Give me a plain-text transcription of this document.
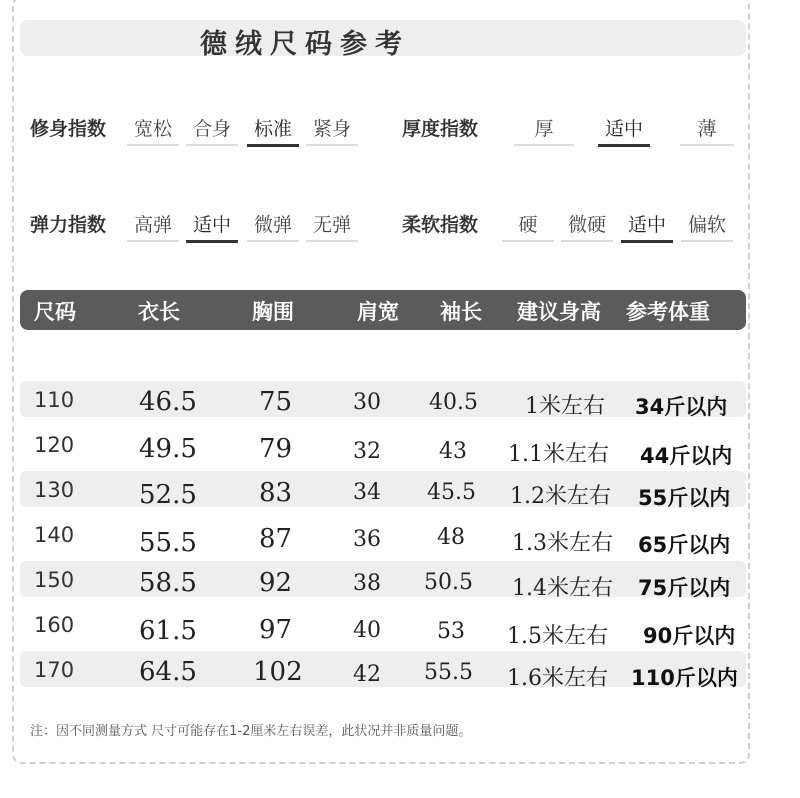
德绒尺码参考
修身指数	宽松	合身	标准	紧身	厚度指数	厚	适中	薄
弹力指数	高弹	适中	微弹	无弹	柔软指数	硬	微硬	适中	偏软
尺码	衣长	胸围	肩宽 袖长 建议身高 参考体重
110 46.5 75	30 40.5 1米左右 34斤以内
120 49.5 79	32	43 1.1米左右 44斤以内
130 52.5 83	34 45.5 1.2米左右 55斤以内
140 55.5 87	36	48 1.3米左右 65斤以内
150 58.5 92	38 50.5 1.4米左右 75斤以内
160 61.5 97	40	53 1.5米左右 90斤以内
170 64.5 102 42 55.5 1.6米左右 110斤以内
注：因不同测量方式 尺寸可能存在1-2厘米左右误差，此状况并非质量问题。
